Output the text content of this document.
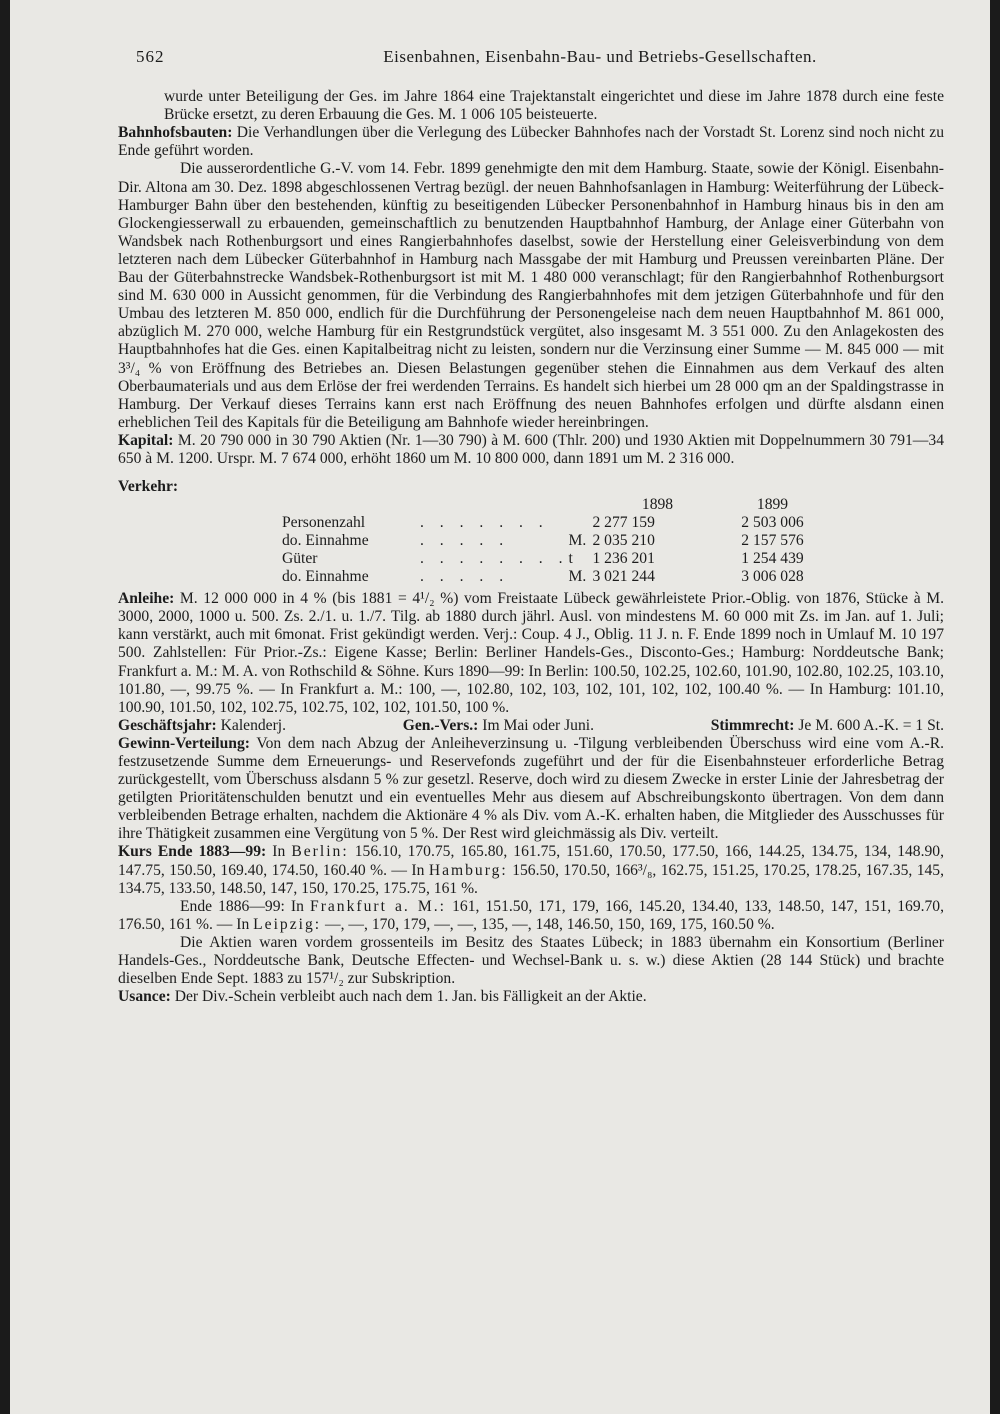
562	Eisenbahnen, Eisenbahn-Bau- und Betriebs-Gesellschaften.

wurde unter Beteiligung der Ges. im Jahre 1864 eine Trajektanstalt eingerichtet und diese im Jahre 1878 durch eine feste Brücke ersetzt, zu deren Erbauung die Ges. M. 1 006 105 beisteuerte.

Bahnhofsbauten: Die Verhandlungen über die Verlegung des Lübecker Bahnhofes nach der Vorstadt St. Lorenz sind noch nicht zu Ende geführt worden.

Die ausserordentliche G.-V. vom 14. Febr. 1899 genehmigte den mit dem Hamburg. Staate, sowie der Königl. Eisenbahn-Dir. Altona am 30. Dez. 1898 abgeschlossenen Vertrag bezügl. der neuen Bahnhofsanlagen in Hamburg: Weiterführung der Lübeck-Hamburger Bahn über den bestehenden, künftig zu beseitigenden Lübecker Personenbahnhof in Hamburg hinaus bis in den am Glockengiesserwall zu erbauenden, gemeinschaftlich zu benutzenden Hauptbahnhof Hamburg, der Anlage einer Güterbahn von Wandsbek nach Rothenburgsort und eines Rangierbahnhofes daselbst, sowie der Herstellung einer Geleisverbindung von dem letzteren nach dem Lübecker Güterbahnhof in Hamburg nach Massgabe der mit Hamburg und Preussen vereinbarten Pläne. Der Bau der Güterbahnstrecke Wandsbek-Rothenburgsort ist mit M. 1 480 000 veranschlagt; für den Rangierbahnhof Rothenburgsort sind M. 630 000 in Aussicht genommen, für die Verbindung des Rangierbahnhofes mit dem jetzigen Güterbahnhofe und für den Umbau des letzteren M. 850 000, endlich für die Durchführung der Personengeleise nach dem neuen Hauptbahnhof M. 861 000, abzüglich M. 270 000, welche Hamburg für ein Restgrundstück vergütet, also insgesamt M. 3 551 000. Zu den Anlagekosten des Hauptbahnhofes hat die Ges. einen Kapitalbeitrag nicht zu leisten, sondern nur die Verzinsung einer Summe — M. 845 000 — mit 3³/₄ % von Eröffnung des Betriebes an. Diesen Belastungen gegenüber stehen die Einnahmen aus dem Verkauf des alten Oberbaumaterials und aus dem Erlöse der frei werdenden Terrains. Es handelt sich hierbei um 28 000 qm an der Spaldingstrasse in Hamburg. Der Verkauf dieses Terrains kann erst nach Eröffnung des neuen Bahnhofes erfolgen und dürfte alsdann einen erheblichen Teil des Kapitals für die Beteiligung am Bahnhofe wieder hereinbringen.

Kapital: M. 20 790 000 in 30 790 Aktien (Nr. 1—30 790) à M. 600 (Thlr. 200) und 1930 Aktien mit Doppelnummern 30 791—34 650 à M. 1200. Urspr. M. 7 674 000, erhöht 1860 um M. 10 800 000, dann 1891 um M. 2 316 000.

Verkehr:

			1898	1899
Personenzahl	. . . . . . .		2 277 159	2 503 006
do. Einnahme	. . . . .	M.	2 035 210	2 157 576
Güter	. . . . . . . .	t	1 236 201	1 254 439
do. Einnahme	. . . . .	M.	3 021 244	3 006 028

Anleihe: M. 12 000 000 in 4 % (bis 1881 = 4¹/₂ %) vom Freistaate Lübeck gewährleistete Prior.-Oblig. von 1876, Stücke à M. 3000, 2000, 1000 u. 500. Zs. 2./1. u. 1./7. Tilg. ab 1880 durch jährl. Ausl. von mindestens M. 60 000 mit Zs. im Jan. auf 1. Juli; kann verstärkt, auch mit 6monat. Frist gekündigt werden. Verj.: Coup. 4 J., Oblig. 11 J. n. F. Ende 1899 noch in Umlauf M. 10 197 500. Zahlstellen: Für Prior.-Zs.: Eigene Kasse; Berlin: Berliner Handels-Ges., Disconto-Ges.; Hamburg: Norddeutsche Bank; Frankfurt a. M.: M. A. von Rothschild & Söhne. Kurs 1890—99: In Berlin: 100.50, 102.25, 102.60, 101.90, 102.80, 102.25, 103.10, 101.80, —, 99.75 %. — In Frankfurt a. M.: 100, —, 102.80, 102, 103, 102, 101, 102, 102, 100.40 %. — In Hamburg: 101.10, 100.90, 101.50, 102, 102.75, 102.75, 102, 102, 101.50, 100 %.

Geschäftsjahr: Kalenderj.	Gen.-Vers.: Im Mai oder Juni.	Stimmrecht: Je M. 600 A.-K. = 1 St.

Gewinn-Verteilung: Von dem nach Abzug der Anleiheverzinsung u. -Tilgung verbleibenden Überschuss wird eine vom A.-R. festzusetzende Summe dem Erneuerungs- und Reservefonds zugeführt und der für die Eisenbahnsteuer erforderliche Betrag zurückgestellt, vom Überschuss alsdann 5 % zur gesetzl. Reserve, doch wird zu diesem Zwecke in erster Linie der Jahresbetrag der getilgten Prioritätenschulden benutzt und ein eventuelles Mehr aus diesem auf Abschreibungskonto übertragen. Von dem dann verbleibenden Betrage erhalten, nachdem die Aktionäre 4 % als Div. vom A.-K. erhalten haben, die Mitglieder des Ausschusses für ihre Thätigkeit zusammen eine Vergütung von 5 %. Der Rest wird gleichmässig als Div. verteilt.

Kurs Ende 1883—99: In Berlin: 156.10, 170.75, 165.80, 161.75, 151.60, 170.50, 177.50, 166, 144.25, 134.75, 134, 148.90, 147.75, 150.50, 169.40, 174.50, 160.40 %. — In Hamburg: 156.50, 170.50, 166³/₈, 162.75, 151.25, 170.25, 178.25, 167.35, 145, 134.75, 133.50, 148.50, 147, 150, 170.25, 175.75, 161 %.

Ende 1886—99: In Frankfurt a. M.: 161, 151.50, 171, 179, 166, 145.20, 134.40, 133, 148.50, 147, 151, 169.70, 176.50, 161 %. — In Leipzig: —, —, 170, 179, —, —, 135, —, 148, 146.50, 150, 169, 175, 160.50 %.

Die Aktien waren vordem grossenteils im Besitz des Staates Lübeck; in 1883 übernahm ein Konsortium (Berliner Handels-Ges., Norddeutsche Bank, Deutsche Effecten- und Wechsel-Bank u. s. w.) diese Aktien (28 144 Stück) und brachte dieselben Ende Sept. 1883 zu 157¹/₂ zur Subskription.

Usance: Der Div.-Schein verbleibt auch nach dem 1. Jan. bis Fälligkeit an der Aktie.
